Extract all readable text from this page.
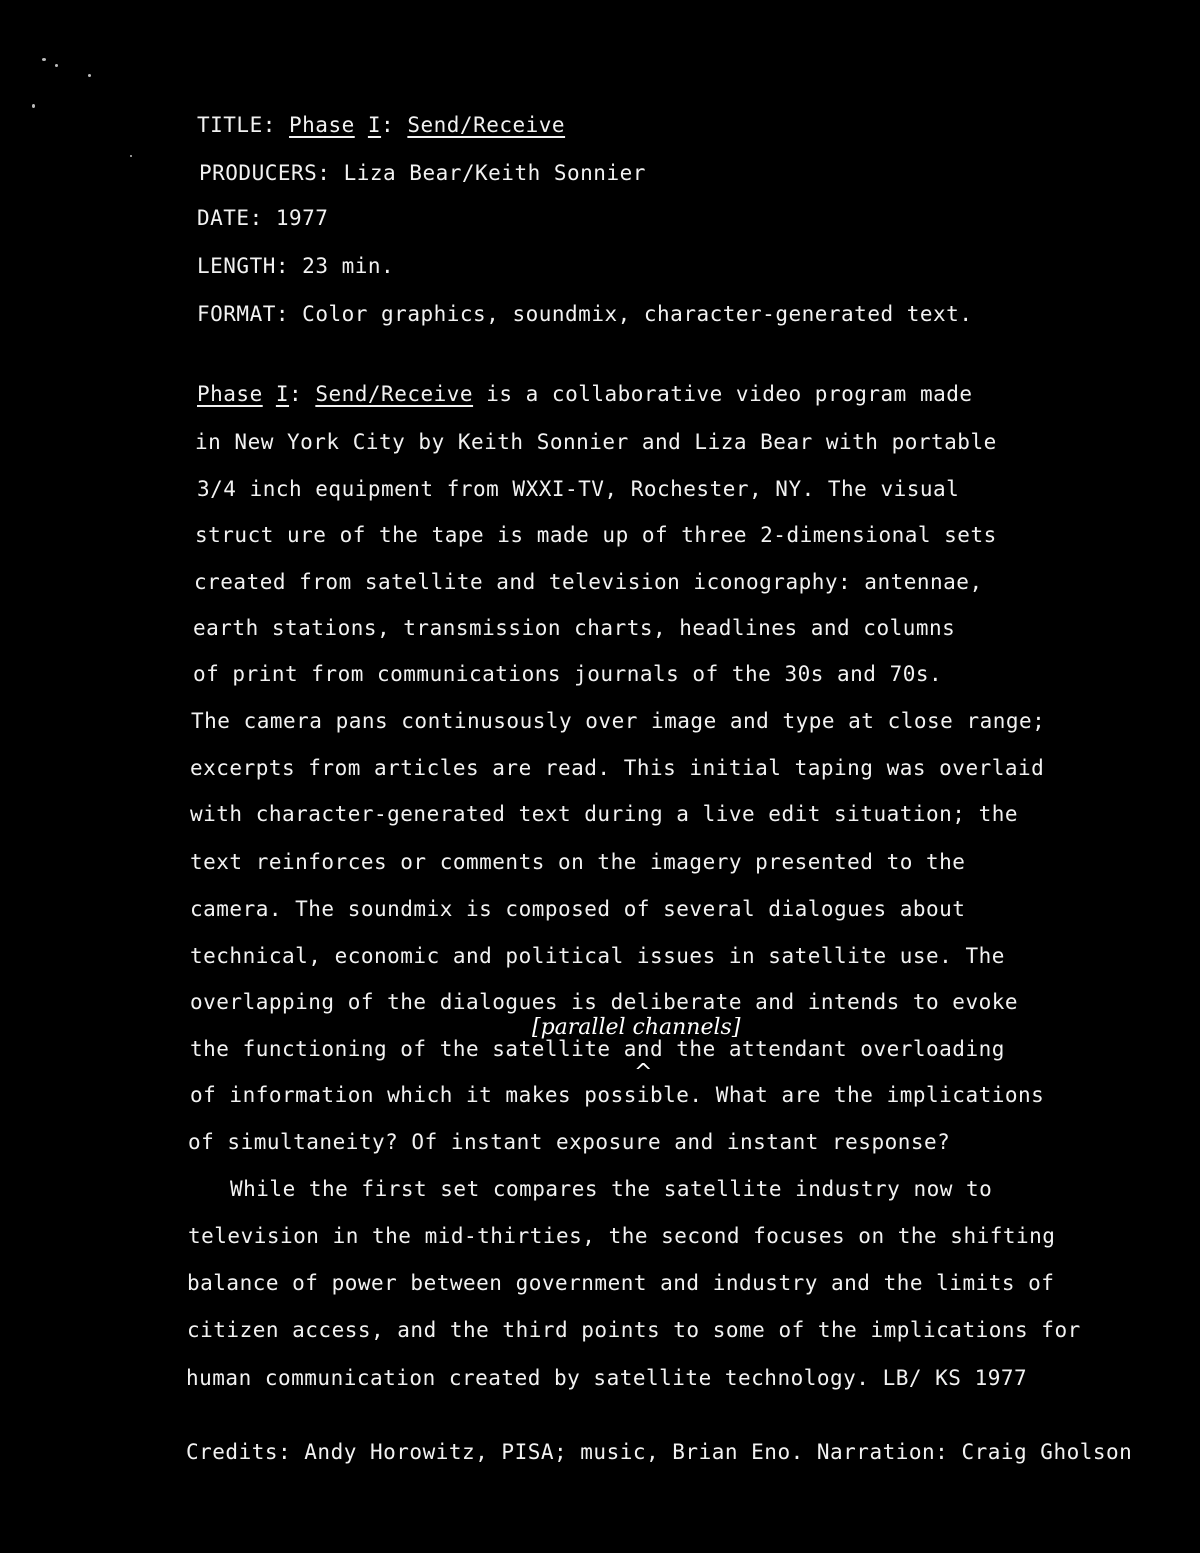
TITLE: Phase I: Send/Receive
PRODUCERS: Liza Bear/Keith Sonnier
DATE: 1977
LENGTH: 23 min.
FORMAT: Color graphics, soundmix, character-generated text.
Phase I: Send/Receive is a collaborative video program made
in New York City by Keith Sonnier and Liza Bear with portable
3/4 inch equipment from WXXI-TV, Rochester, NY. The visual
struct ure of the tape is made up of three 2-dimensional sets
created from satellite and television iconography: antennae,
earth stations, transmission charts, headlines and columns
of print from communications journals of the 30s and 70s.
The camera pans continusously over image and type at close range;
excerpts from articles are read. This initial taping was overlaid
with character-generated text during a live edit situation; the
text reinforces or comments on the imagery presented to the
camera. The soundmix is composed of several dialogues about
technical, economic and political issues in satellite use. The
overlapping of the dialogues is deliberate and intends to evoke
[parallel channels]
the functioning of the satellite and the attendant overloading
^
of information which it makes possible. What are the implications
of simultaneity? Of instant exposure and instant response?
While the first set compares the satellite industry now to
television in the mid-thirties, the second focuses on the shifting
balance of power between government and industry and the limits of
citizen access, and the third points to some of the implications for
human communication created by satellite technology. LB/ KS 1977
Credits: Andy Horowitz, PISA; music, Brian Eno. Narration: Craig Gholson
